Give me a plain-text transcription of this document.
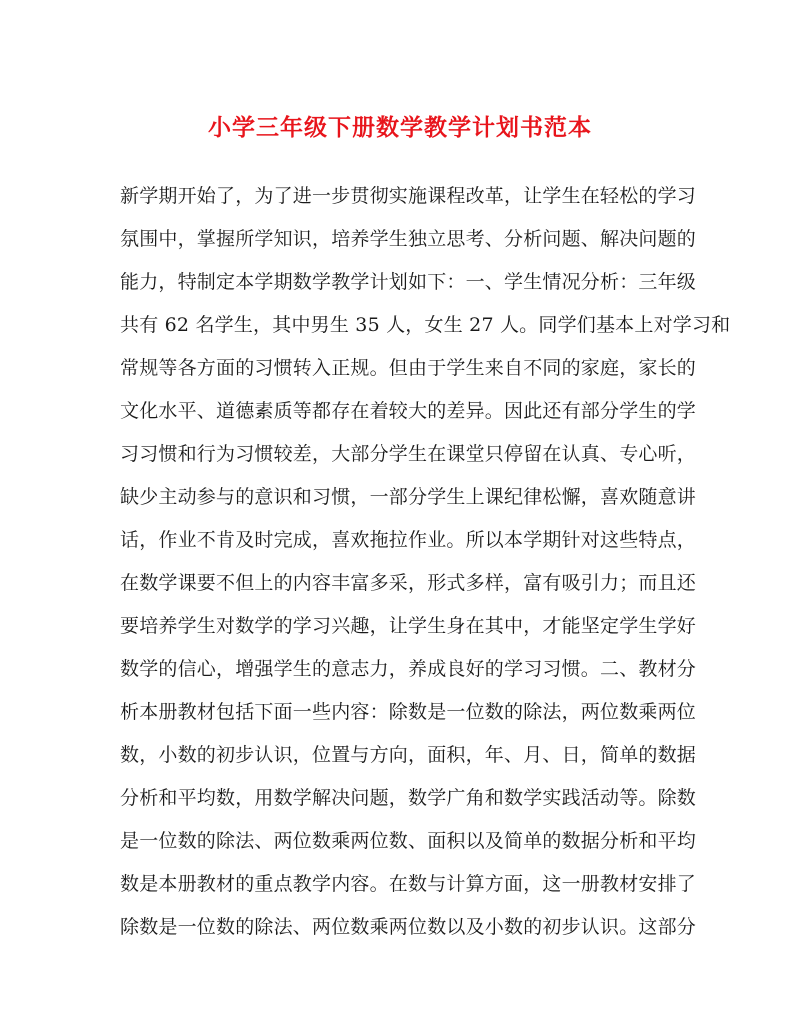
小学三年级下册数学教学计划书范本
新学期开始了，为了进一步贯彻实施课程改革，让学生在轻松的学习
氛围中，掌握所学知识，培养学生独立思考、分析问题、解决问题的
能力，特制定本学期数学教学计划如下：一、学生情况分析：三年级
共有 62 名学生，其中男生 35 人，女生 27 人。同学们基本上对学习和
常规等各方面的习惯转入正规。但由于学生来自不同的家庭，家长的
文化水平、道德素质等都存在着较大的差异。因此还有部分学生的学
习习惯和行为习惯较差，大部分学生在课堂只停留在认真、专心听，
缺少主动参与的意识和习惯，一部分学生上课纪律松懈，喜欢随意讲
话，作业不肯及时完成，喜欢拖拉作业。所以本学期针对这些特点，
在数学课要不但上的内容丰富多采，形式多样，富有吸引力；而且还
要培养学生对数学的学习兴趣，让学生身在其中，才能坚定学生学好
数学的信心，增强学生的意志力，养成良好的学习习惯。二、教材分
析本册教材包括下面一些内容：除数是一位数的除法，两位数乘两位
数，小数的初步认识，位置与方向，面积，年、月、日，简单的数据
分析和平均数，用数学解决问题，数学广角和数学实践活动等。除数
是一位数的除法、两位数乘两位数、面积以及简单的数据分析和平均
数是本册教材的重点教学内容。在数与计算方面，这一册教材安排了
除数是一位数的除法、两位数乘两位数以及小数的初步认识。这部分
